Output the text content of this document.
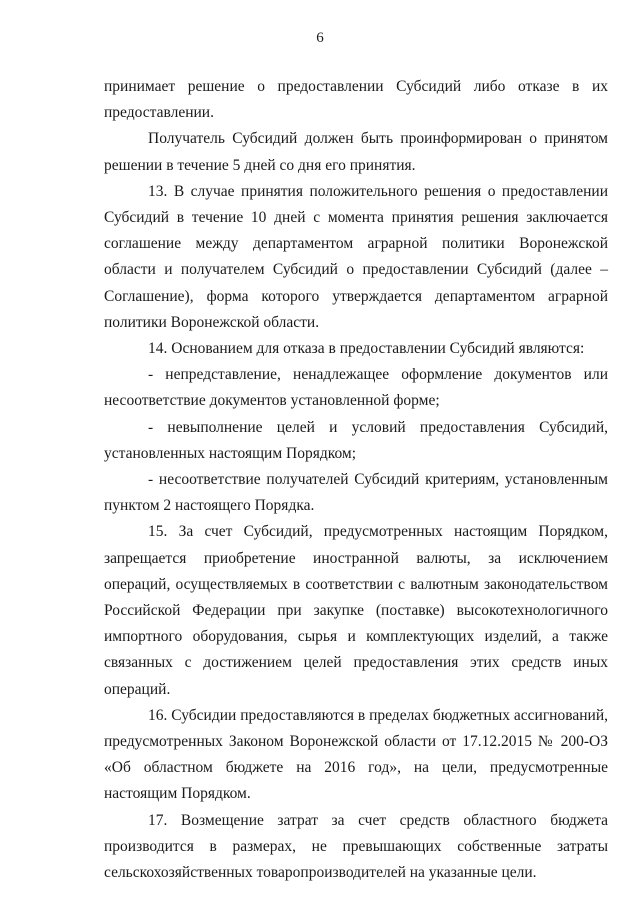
6

принимает решение о предоставлении Субсидий либо отказе в их предоставлении.

Получатель Субсидий должен быть проинформирован о принятом решении в течение 5 дней со дня его принятия.

13. В случае принятия положительного решения о предоставлении Субсидий в течение 10 дней с момента принятия решения заключается соглашение между департаментом аграрной политики Воронежской области и получателем Субсидий о предоставлении Субсидий (далее – Соглашение), форма которого утверждается департаментом аграрной политики Воронежской области.

14. Основанием для отказа в предоставлении Субсидий являются:

- непредставление, ненадлежащее оформление документов или несоответствие документов установленной форме;

- невыполнение целей и условий предоставления Субсидий, установленных настоящим Порядком;

- несоответствие получателей Субсидий критериям, установленным пунктом 2 настоящего Порядка.

15. За счет Субсидий, предусмотренных настоящим Порядком, запрещается приобретение иностранной валюты, за исключением операций, осуществляемых в соответствии с валютным законодательством Российской Федерации при закупке (поставке) высокотехнологичного импортного оборудования, сырья и комплектующих изделий, а также связанных с достижением целей предоставления этих средств иных операций.

16. Субсидии предоставляются в пределах бюджетных ассигнований, предусмотренных Законом Воронежской области от 17.12.2015 № 200-ОЗ «Об областном бюджете на 2016 год», на цели, предусмотренные настоящим Порядком.

17. Возмещение затрат за счет средств областного бюджета производится в размерах, не превышающих собственные затраты сельскохозяйственных товаропроизводителей на указанные цели.
